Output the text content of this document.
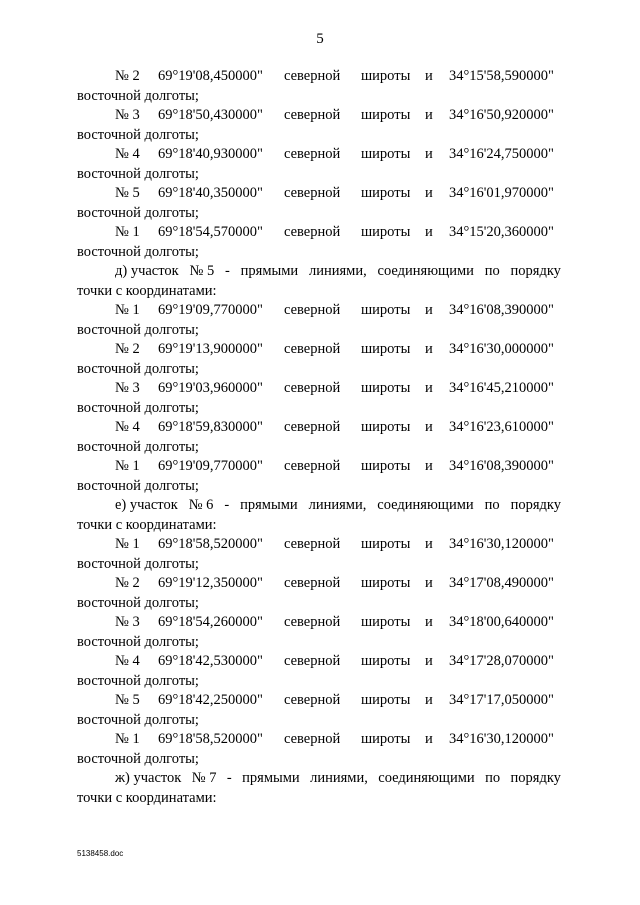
5
№ 2 69°19'08,450000" северной широты и 34°15'58,590000"
восточной долготы;
№ 3 69°18'50,430000" северной широты и 34°16'50,920000"
восточной долготы;
№ 4 69°18'40,930000" северной широты и 34°16'24,750000"
восточной долготы;
№ 5 69°18'40,350000" северной широты и 34°16'01,970000"
восточной долготы;
№ 1 69°18'54,570000" северной широты и 34°15'20,360000"
восточной долготы;
д) участок № 5 - прямыми линиями, соединяющими по порядку
точки с координатами:
№ 1 69°19'09,770000" северной широты и 34°16'08,390000"
восточной долготы;
№ 2 69°19'13,900000" северной широты и 34°16'30,000000"
восточной долготы;
№ 3 69°19'03,960000" северной широты и 34°16'45,210000"
восточной долготы;
№ 4 69°18'59,830000" северной широты и 34°16'23,610000"
восточной долготы;
№ 1 69°19'09,770000" северной широты и 34°16'08,390000"
восточной долготы;
е) участок № 6 - прямыми линиями, соединяющими по порядку
точки с координатами:
№ 1 69°18'58,520000" северной широты и 34°16'30,120000"
восточной долготы;
№ 2 69°19'12,350000" северной широты и 34°17'08,490000"
восточной долготы;
№ 3 69°18'54,260000" северной широты и 34°18'00,640000"
восточной долготы;
№ 4 69°18'42,530000" северной широты и 34°17'28,070000"
восточной долготы;
№ 5 69°18'42,250000" северной широты и 34°17'17,050000"
восточной долготы;
№ 1 69°18'58,520000" северной широты и 34°16'30,120000"
восточной долготы;
ж) участок № 7 - прямыми линиями, соединяющими по порядку
точки с координатами:
5138458.doc
